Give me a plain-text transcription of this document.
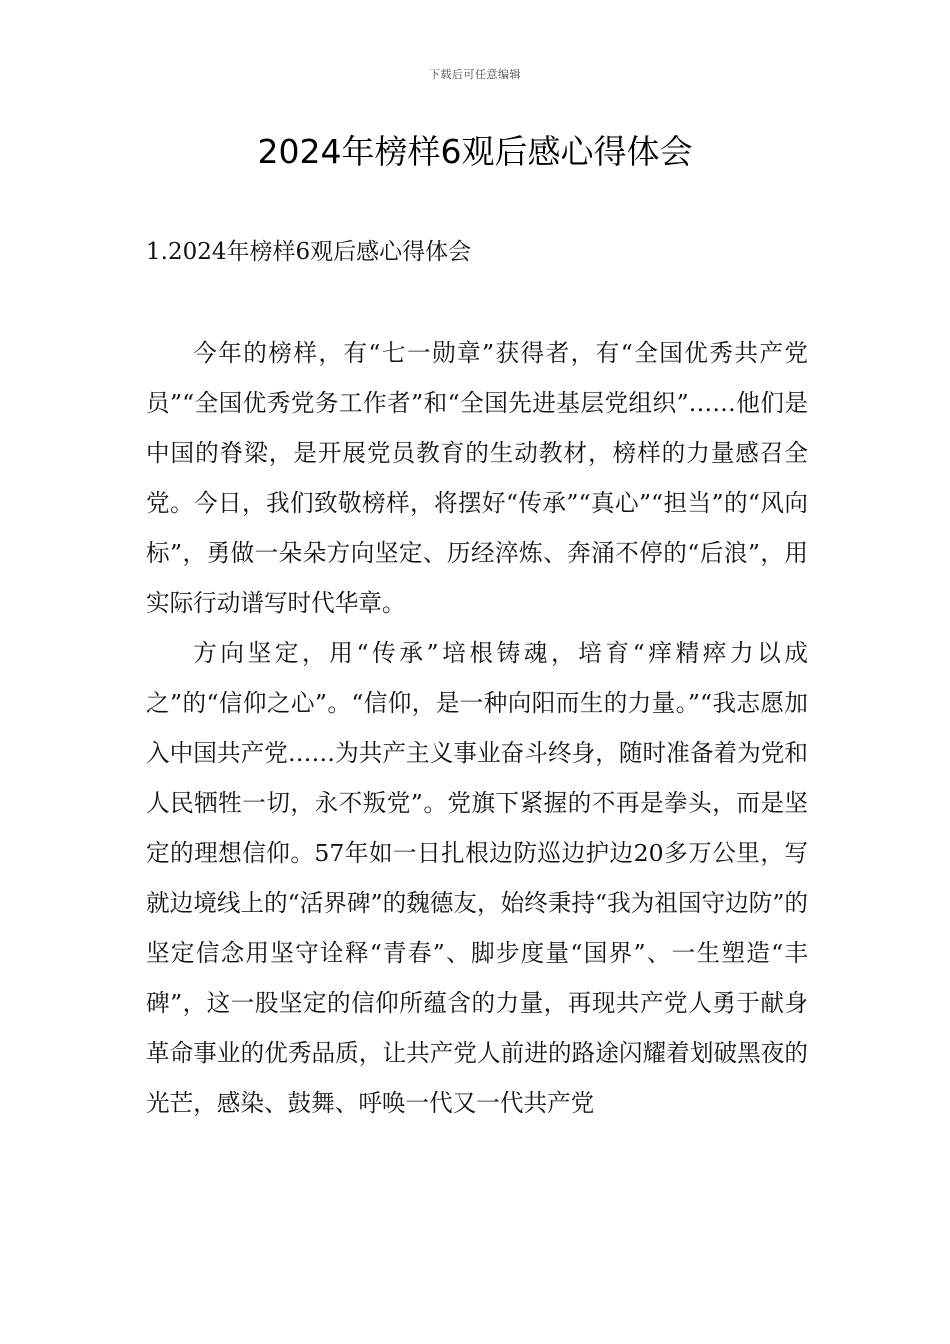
下载后可任意编辑
2024年榜样6观后感心得体会
1.2024年榜样6观后感心得体会

今年的榜样，有“七一勋章”获得者，有“全国优秀共产党员”“全国优秀党务工作者”和“全国先进基层党组织”……他们是中国的脊梁，是开展党员教育的生动教材，榜样的力量感召全党。今日，我们致敬榜样，将摆好“传承”“真心”“担当”的“风向标”，勇做一朵朵方向坚定、历经淬炼、奔涌不停的“后浪”，用实际行动谱写时代华章。

方向坚定，用“传承”培根铸魂，培育“痒精瘁力以成之”的“信仰之心”。“信仰，是一种向阳而生的力量。”“我志愿加入中国共产党……为共产主义事业奋斗终身，随时准备着为党和人民牺牲一切，永不叛党”。党旗下紧握的不再是拳头，而是坚定的理想信仰。57年如一日扎根边防巡边护边20多万公里，写就边境线上的“活界碑”的魏德友，始终秉持“我为祖国守边防”的坚定信念用坚守诠释“青春”、脚步度量“国界”、一生塑造“丰碑”，这一股坚定的信仰所蕴含的力量，再现共产党人勇于献身革命事业的优秀品质，让共产党人前进的路途闪耀着划破黑夜的光芒，感染、鼓舞、呼唤一代又一代共产党
